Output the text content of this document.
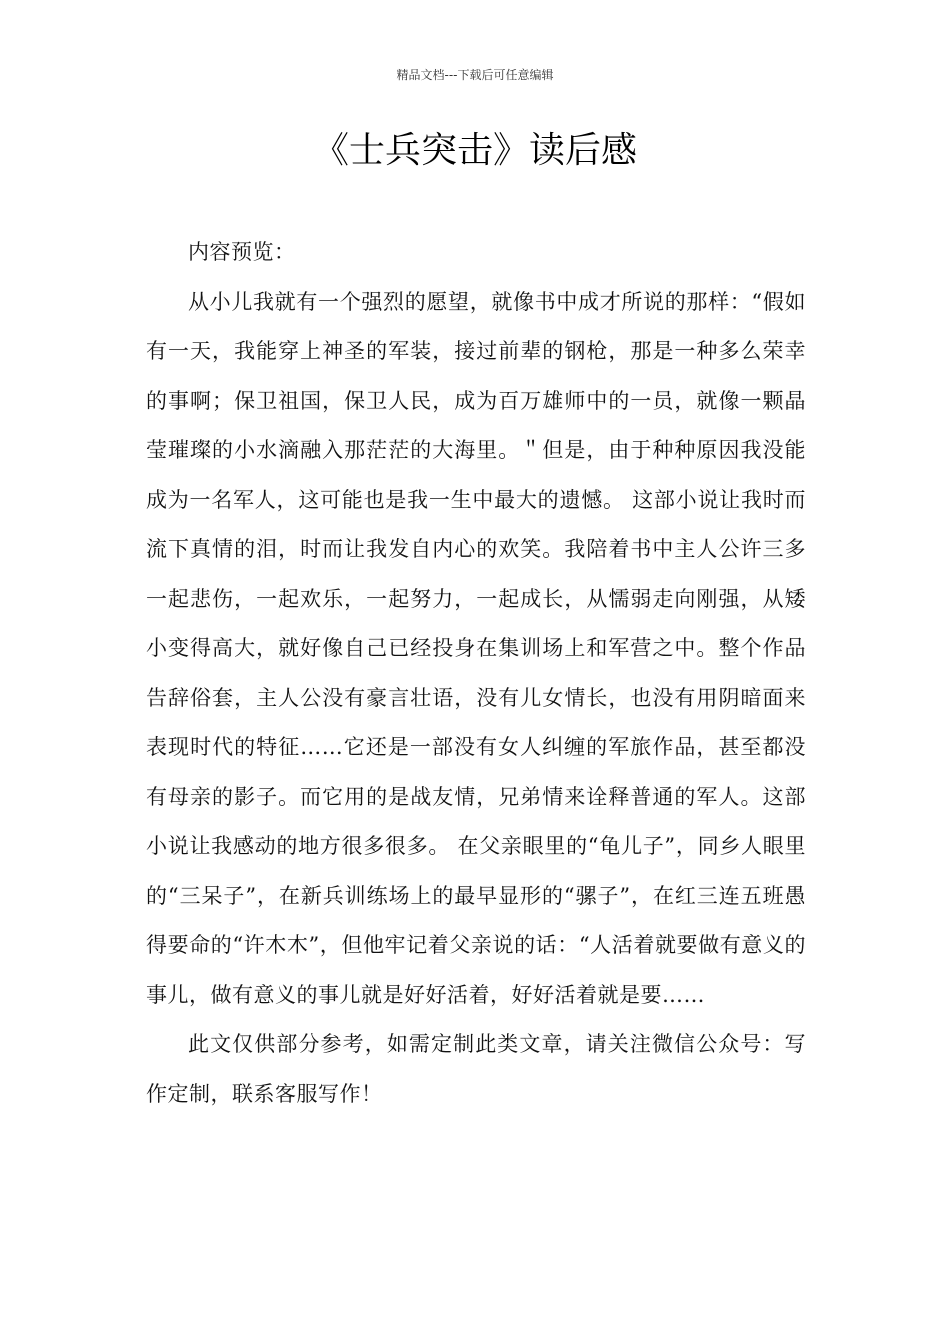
精品文档---下载后可任意编辑
《士兵突击》读后感

内容预览：

从小儿我就有一个强烈的愿望，就像书中成才所说的那样：“假如有一天，我能穿上神圣的军装，接过前辈的钢枪，那是一种多么荣幸的事啊；保卫祖国，保卫人民，成为百万雄师中的一员，就像一颗晶莹璀璨的小水滴融入那茫茫的大海里。＂但是，由于种种原因我没能成为一名军人，这可能也是我一生中最大的遗憾。 这部小说让我时而流下真情的泪，时而让我发自内心的欢笑。我陪着书中主人公许三多一起悲伤，一起欢乐，一起努力，一起成长，从懦弱走向刚强，从矮小变得高大，就好像自己已经投身在集训场上和军营之中。整个作品告辞俗套，主人公没有豪言壮语，没有儿女情长，也没有用阴暗面来表现时代的特征……它还是一部没有女人纠缠的军旅作品，甚至都没有母亲的影子。而它用的是战友情，兄弟情来诠释普通的军人。这部小说让我感动的地方很多很多。 在父亲眼里的“龟儿子”，同乡人眼里的“三呆子”，在新兵训练场上的最早显形的“骡子”，在红三连五班愚得要命的“许木木”，但他牢记着父亲说的话：“人活着就要做有意义的事儿，做有意义的事儿就是好好活着，好好活着就是要……

此文仅供部分参考，如需定制此类文章，请关注微信公众号：写作定制，联系客服写作！
